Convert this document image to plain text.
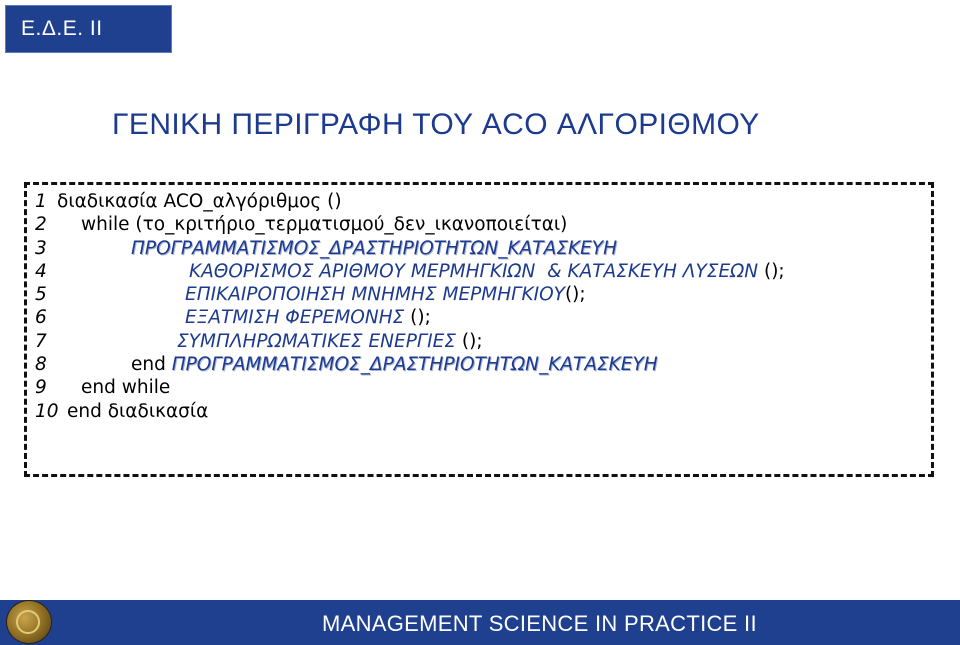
Ε.Δ.Ε. ΙΙ
ΓΕΝΙΚΗ ΠΕΡΙΓΡΑΦΗ ΤΟΥ ACO ΑΛΓΟΡΙΘΜΟΥ
1 διαδικασία ACO_αλγόριθμος ()
2	while (το_κριτήριο_τερματισμού_δεν_ικανοποιείται)
3	ΠΡΟΓΡΑΜΜΑΤΙΣΜΟΣ_ΔΡΑΣΤΗΡΙΟΤΗΤΩΝ_ΚΑΤΑΣΚΕΥΗ
4	ΚΑΘΟΡΙΣΜΟΣ ΑΡΙΘΜΟΥ ΜΕΡΜΗΓΚΙΩΝ  & ΚΑΤΑΣΚΕΥΗ ΛΥΣΕΩΝ ();
5	ΕΠΙΚΑΙΡΟΠΟΙΗΣΗ ΜΝΗΜΗΣ ΜΕΡΜΗΓΚΙΟΥ();
6	ΕΞΑΤΜΙΣΗ ΦΕΡΕΜΟΝΗΣ ();
7	ΣΥΜΠΛΗΡΩΜΑΤΙΚΕΣ ΕΝΕΡΓΙΕΣ ();
8	end ΠΡΟΓΡΑΜΜΑΤΙΣΜΟΣ_ΔΡΑΣΤΗΡΙΟΤΗΤΩΝ_ΚΑΤΑΣΚΕΥΗ
9	end while
10 end διαδικασία
MANAGEMENT SCIENCE IN PRACTICE II
